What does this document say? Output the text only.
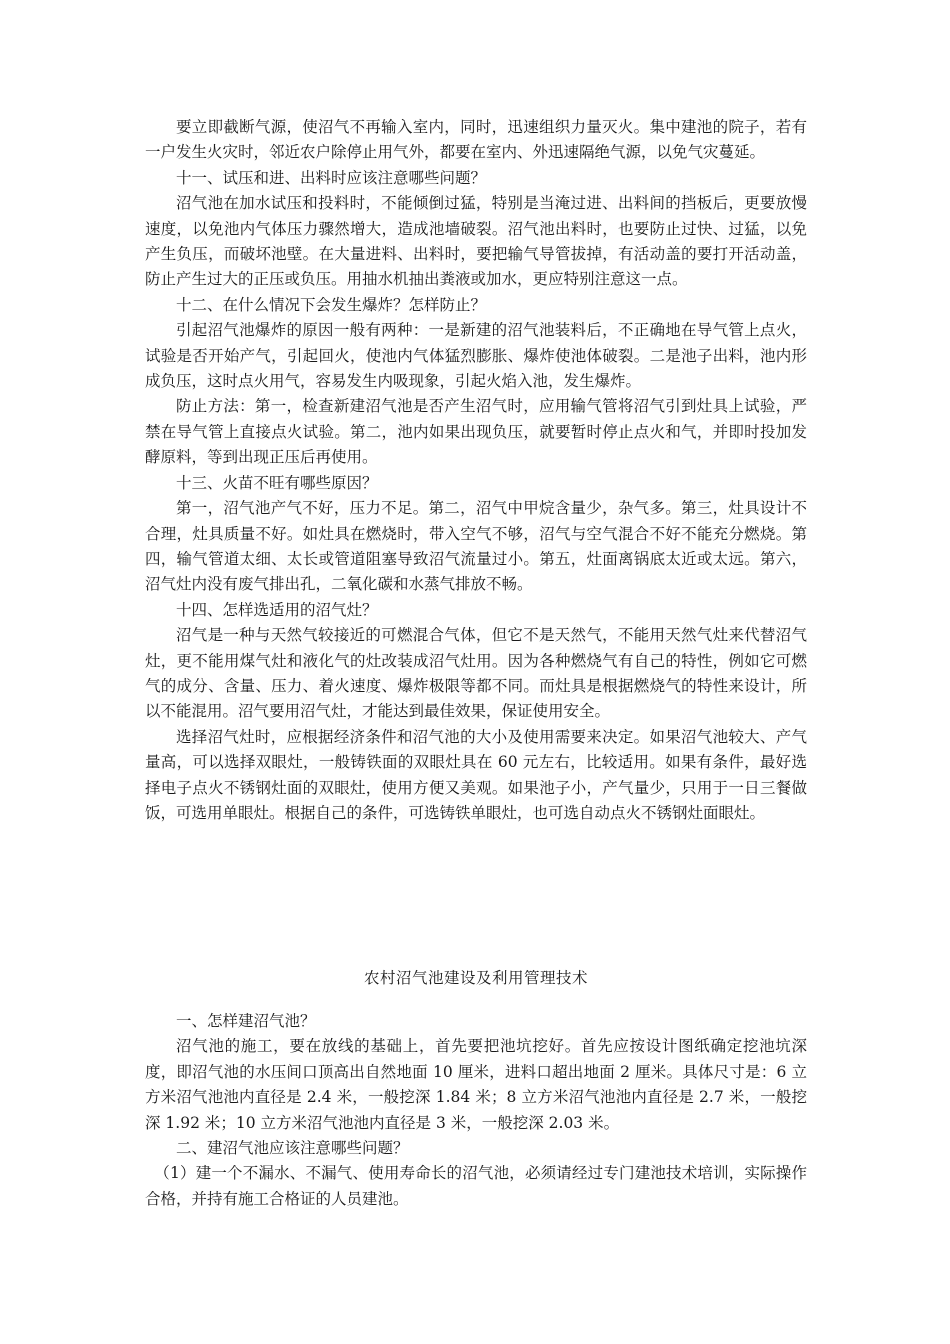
要立即截断气源，使沼气不再输入室内，同时，迅速组织力量灭火。集中建池的院子，若有一户发生火灾时，邻近农户除停止用气外，都要在室内、外迅速隔绝气源，以免气灾蔓延。

十一、试压和进、出料时应该注意哪些问题？

沼气池在加水试压和投料时，不能倾倒过猛，特别是当淹过进、出料间的挡板后，更要放慢速度，以免池内气体压力骤然增大，造成池墙破裂。沼气池出料时，也要防止过快、过猛，以免产生负压，而破坏池壁。在大量进料、出料时，要把输气导管拔掉，有活动盖的要打开活动盖，防止产生过大的正压或负压。用抽水机抽出粪液或加水，更应特别注意这一点。

十二、在什么情况下会发生爆炸？怎样防止？

引起沼气池爆炸的原因一般有两种：一是新建的沼气池装料后，不正确地在导气管上点火，试验是否开始产气，引起回火，使池内气体猛烈膨胀、爆炸使池体破裂。二是池子出料，池内形成负压，这时点火用气，容易发生内吸现象，引起火焰入池，发生爆炸。

防止方法：第一，检查新建沼气池是否产生沼气时，应用输气管将沼气引到灶具上试验，严禁在导气管上直接点火试验。第二，池内如果出现负压，就要暂时停止点火和气，并即时投加发酵原料，等到出现正压后再使用。

十三、火苗不旺有哪些原因？

第一，沼气池产气不好，压力不足。第二，沼气中甲烷含量少，杂气多。第三，灶具设计不合理，灶具质量不好。如灶具在燃烧时，带入空气不够，沼气与空气混合不好不能充分燃烧。第四，输气管道太细、太长或管道阻塞导致沼气流量过小。第五，灶面离锅底太近或太远。第六，沼气灶内没有废气排出孔，二氧化碳和水蒸气排放不畅。

十四、怎样选适用的沼气灶？

沼气是一种与天然气较接近的可燃混合气体，但它不是天然气，不能用天然气灶来代替沼气灶，更不能用煤气灶和液化气的灶改装成沼气灶用。因为各种燃烧气有自己的特性，例如它可燃气的成分、含量、压力、着火速度、爆炸极限等都不同。而灶具是根据燃烧气的特性来设计，所以不能混用。沼气要用沼气灶，才能达到最佳效果，保证使用安全。

选择沼气灶时，应根据经济条件和沼气池的大小及使用需要来决定。如果沼气池较大、产气量高，可以选择双眼灶，一般铸铁面的双眼灶具在 60 元左右，比较适用。如果有条件，最好选择电子点火不锈钢灶面的双眼灶，使用方便又美观。如果池子小，产气量少，只用于一日三餐做饭，可选用单眼灶。根据自己的条件，可选铸铁单眼灶，也可选自动点火不锈钢灶面眼灶。

农村沼气池建设及利用管理技术

一、怎样建沼气池？

沼气池的施工，要在放线的基础上，首先要把池坑挖好。首先应按设计图纸确定挖池坑深度，即沼气池的水压间口顶高出自然地面 10 厘米，进料口超出地面 2 厘米。具体尺寸是：6 立方米沼气池池内直径是 2.4 米，一般挖深 1.84 米；8 立方米沼气池池内直径是 2.7 米，一般挖深 1.92 米；10 立方米沼气池池内直径是 3 米，一般挖深 2.03 米。

二、建沼气池应该注意哪些问题？

（1）建一个不漏水、不漏气、使用寿命长的沼气池，必须请经过专门建池技术培训，实际操作合格，并持有施工合格证的人员建池。
